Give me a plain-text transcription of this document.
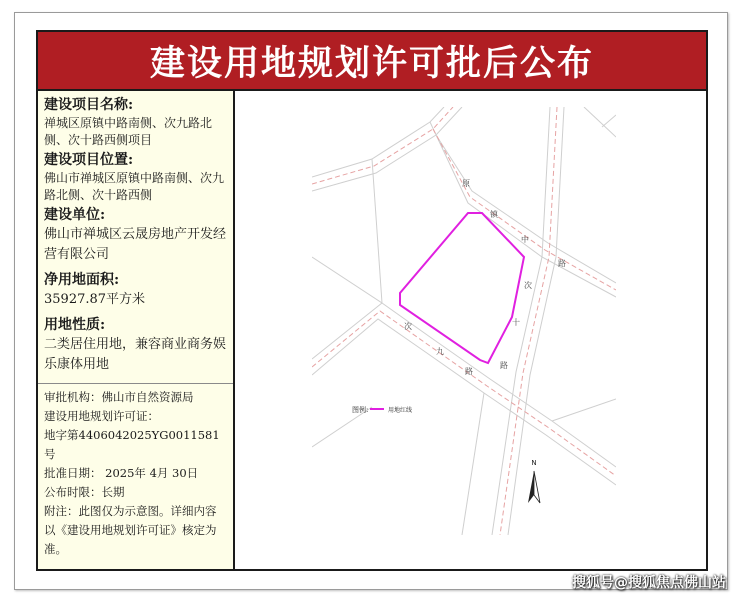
建设用地规划许可批后公布
建设项目名称:
禅城区原镇中路南侧、次九路北侧、次十路西侧项目
建设项目位置:
佛山市禅城区原镇中路南侧、次九路北侧、次十路西侧
建设单位:
佛山市禅城区云晟房地产开发经营有限公司
净用地面积:
35927.87平方米
用地性质:
二类居住用地，兼容商业商务娱乐康体用地
审批机构：佛山市自然资源局
建设用地规划许可证：
地字第4406042025YG0011581号
批准日期： 2025年 4月 30日
公布时限：长期
附注：此图仅为示意图。详细内容以《建设用地规划许可证》核定为准。
原
镇
中
路
次
十
路
次
九
路
图例:	用地红线
N
搜狐号@搜狐焦点佛山站
